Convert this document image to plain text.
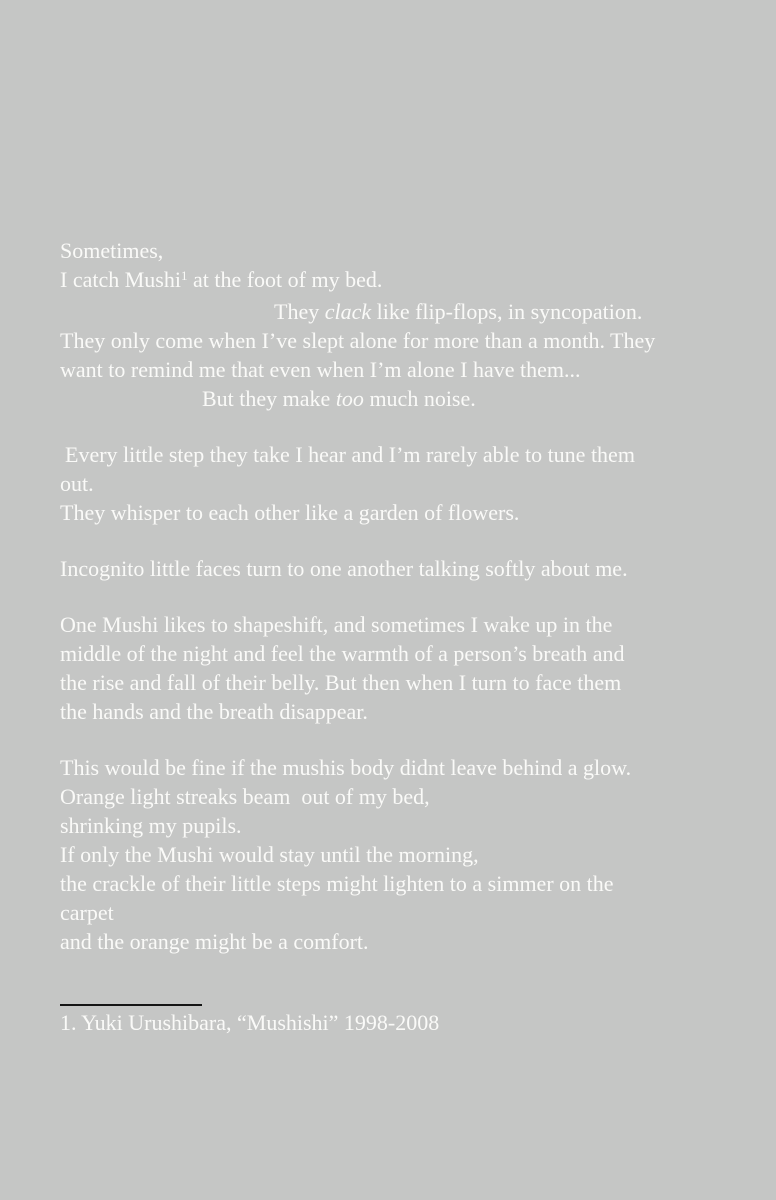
Sometimes,
I catch Mushi$^1$ at the foot of my bed.
They clack like flip-flops, in syncopation.
They only come when I’ve slept alone for more than a month. They
want to remind me that even when I’m alone I have them...
But they make too much noise.
Every little step they take I hear and I’m rarely able to tune them
out.
They whisper to each other like a garden of flowers.
Incognito little faces turn to one another talking softly about me.
One Mushi likes to shapeshift, and sometimes I wake up in the
middle of the night and feel the warmth of a person’s breath and
the rise and fall of their belly. But then when I turn to face them
the hands and the breath disappear.
This would be fine if the mushis body didnt leave behind a glow.
Orange light streaks beam  out of my bed,
shrinking my pupils.
If only the Mushi would stay until the morning,
the crackle of their little steps might lighten to a simmer on the
carpet
and the orange might be a comfort.
1. Yuki Urushibara, “Mushishi” 1998-2008
